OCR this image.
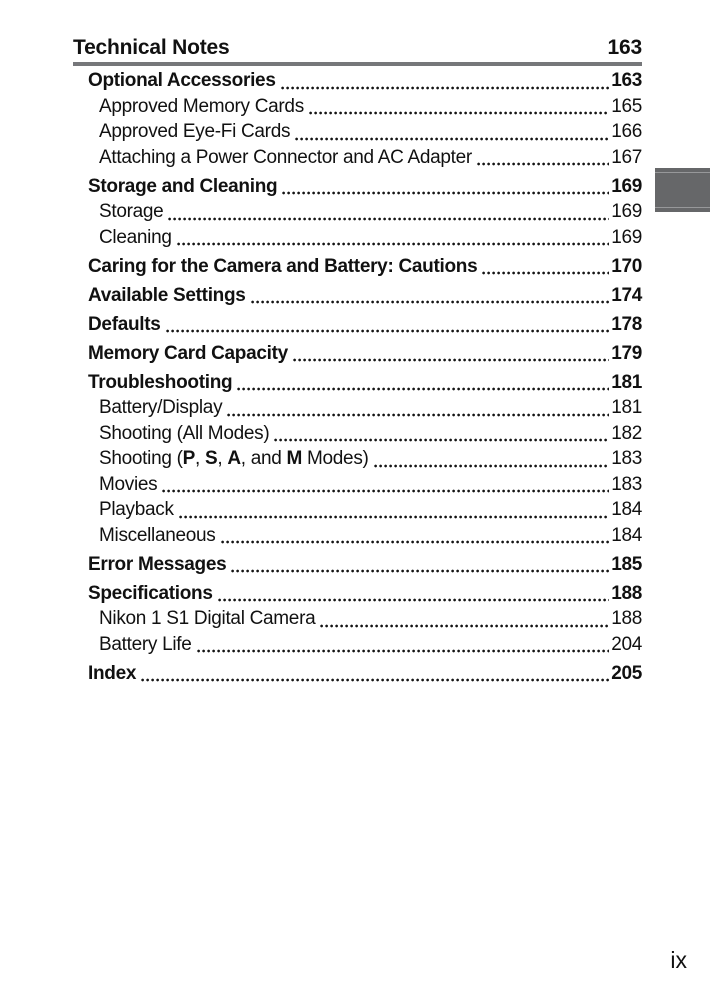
Technical Notes	163
Optional Accessories	163
Approved Memory Cards	165
Approved Eye-Fi Cards	166
Attaching a Power Connector and AC Adapter	167
Storage and Cleaning	169
Storage	169
Cleaning	169
Caring for the Camera and Battery: Cautions	170
Available Settings	174
Defaults	178
Memory Card Capacity	179
Troubleshooting	181
Battery/Display	181
Shooting (All Modes)	182
Shooting (P, S, A, and M Modes)	183
Movies	183
Playback	184
Miscellaneous	184
Error Messages	185
Specifications	188
Nikon 1 S1 Digital Camera	188
Battery Life	204
Index	205
ix
